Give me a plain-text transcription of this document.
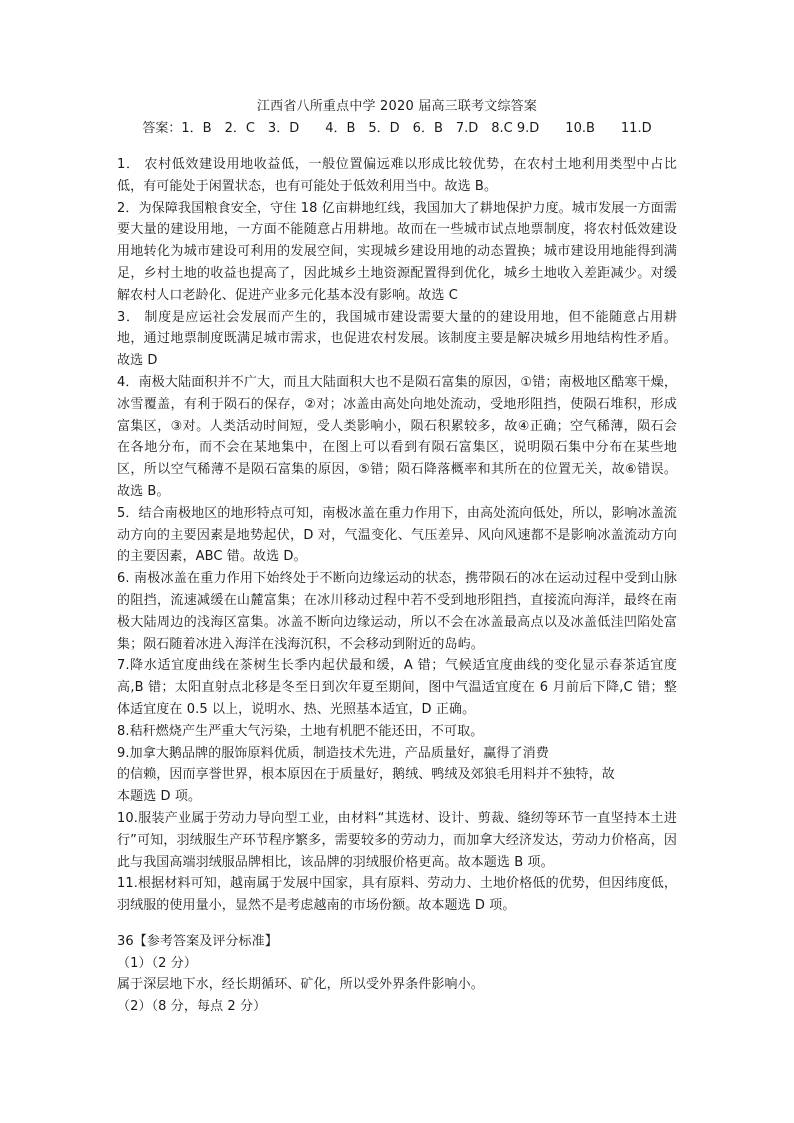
江西省八所重点中学 2020 届高三联考文综答案

答案：1．B　2．C　3．D　　4．B　5．D　6．B　7.D　8.C 9.D　　10.B　　11.D

1． 农村低效建设用地收益低，一般位置偏远难以形成比较优势，在农村土地利用类型中占比低，有可能处于闲置状态，也有可能处于低效利用当中。故选 B。

2．为保障我国粮食安全，守住 18 亿亩耕地红线，我国加大了耕地保护力度。城市发展一方面需要大量的建设用地，一方面不能随意占用耕地。故而在一些城市试点地票制度，将农村低效建设用地转化为城市建设可利用的发展空间，实现城乡建设用地的动态置换；城市建设用地能得到满足，乡村土地的收益也提高了，因此城乡土地资源配置得到优化，城乡土地收入差距减少。对缓解农村人口老龄化、促进产业多元化基本没有影响。故选 C

3． 制度是应运社会发展而产生的，我国城市建设需要大量的的建设用地，但不能随意占用耕地，通过地票制度既满足城市需求，也促进农村发展。该制度主要是解决城乡用地结构性矛盾。 故选 D

4．南极大陆面积并不广大，而且大陆面积大也不是陨石富集的原因，①错；南极地区酷寒干燥，冰雪覆盖，有利于陨石的保存，②对；冰盖由高处向地处流动，受地形阻挡，使陨石堆积，形成富集区，③对。人类活动时间短，受人类影响小，陨石积累较多，故④正确；空气稀薄，陨石会在各地分布，而不会在某地集中，在图上可以看到有陨石富集区，说明陨石集中分布在某些地区，所以空气稀薄不是陨石富集的原因，⑤错；陨石降落概率和其所在的位置无关，故⑥错误。故选 B。

5．结合南极地区的地形特点可知，南极冰盖在重力作用下，由高处流向低处，所以，影响冰盖流动方向的主要因素是地势起伏，D 对，气温变化、气压差异、风向风速都不是影响冰盖流动方向的主要因素，ABC 错。故选 D。

6. 南极冰盖在重力作用下始终处于不断向边缘运动的状态，携带陨石的冰在运动过程中受到山脉的阻挡，流速减缓在山麓富集；在冰川移动过程中若不受到地形阻挡，直接流向海洋，最终在南极大陆周边的浅海区富集。冰盖不断向边缘运动，所以不会在冰盖最高点以及冰盖低洼凹陷处富集；陨石随着冰进入海洋在浅海沉积，不会移动到附近的岛屿。

7.降水适宜度曲线在茶树生长季内起伏最和缓，A 错；气候适宜度曲线的变化显示春茶适宜度高,B 错；太阳直射点北移是冬至日到次年夏至期间，图中气温适宜度在 6 月前后下降,C 错；整体适宜度在 0.5 以上，说明水、热、光照基本适宜，D 正确。

8.秸秆燃烧产生严重大气污染，土地有机肥不能还田，不可取。

9.加拿大鹅品牌的服饰原料优质，制造技术先进，产品质量好，赢得了消费
的信赖，因而享誉世界，根本原因在于质量好，鹅绒、鸭绒及郊狼毛用料并不独特，故
本题选 D 项。

10.服装产业属于劳动力导向型工业，由材料“其选材、设计、剪裁、缝纫等环节一直坚持本土进行”可知，羽绒服生产环节程序繁多，需要较多的劳动力，而加拿大经济发达，劳动力价格高，因此与我国高端羽绒服品牌相比，该品牌的羽绒服价格更高。故本题选 B 项。

11.根据材料可知，越南属于发展中国家，具有原料、劳动力、土地价格低的优势，但因纬度低，羽绒服的使用量小，显然不是考虑越南的市场份额。故本题选 D 项。

36【参考答案及评分标准】

（1）（2 分）

属于深层地下水，经长期循环、矿化，所以受外界条件影响小。

（2）（8 分，每点 2 分）
